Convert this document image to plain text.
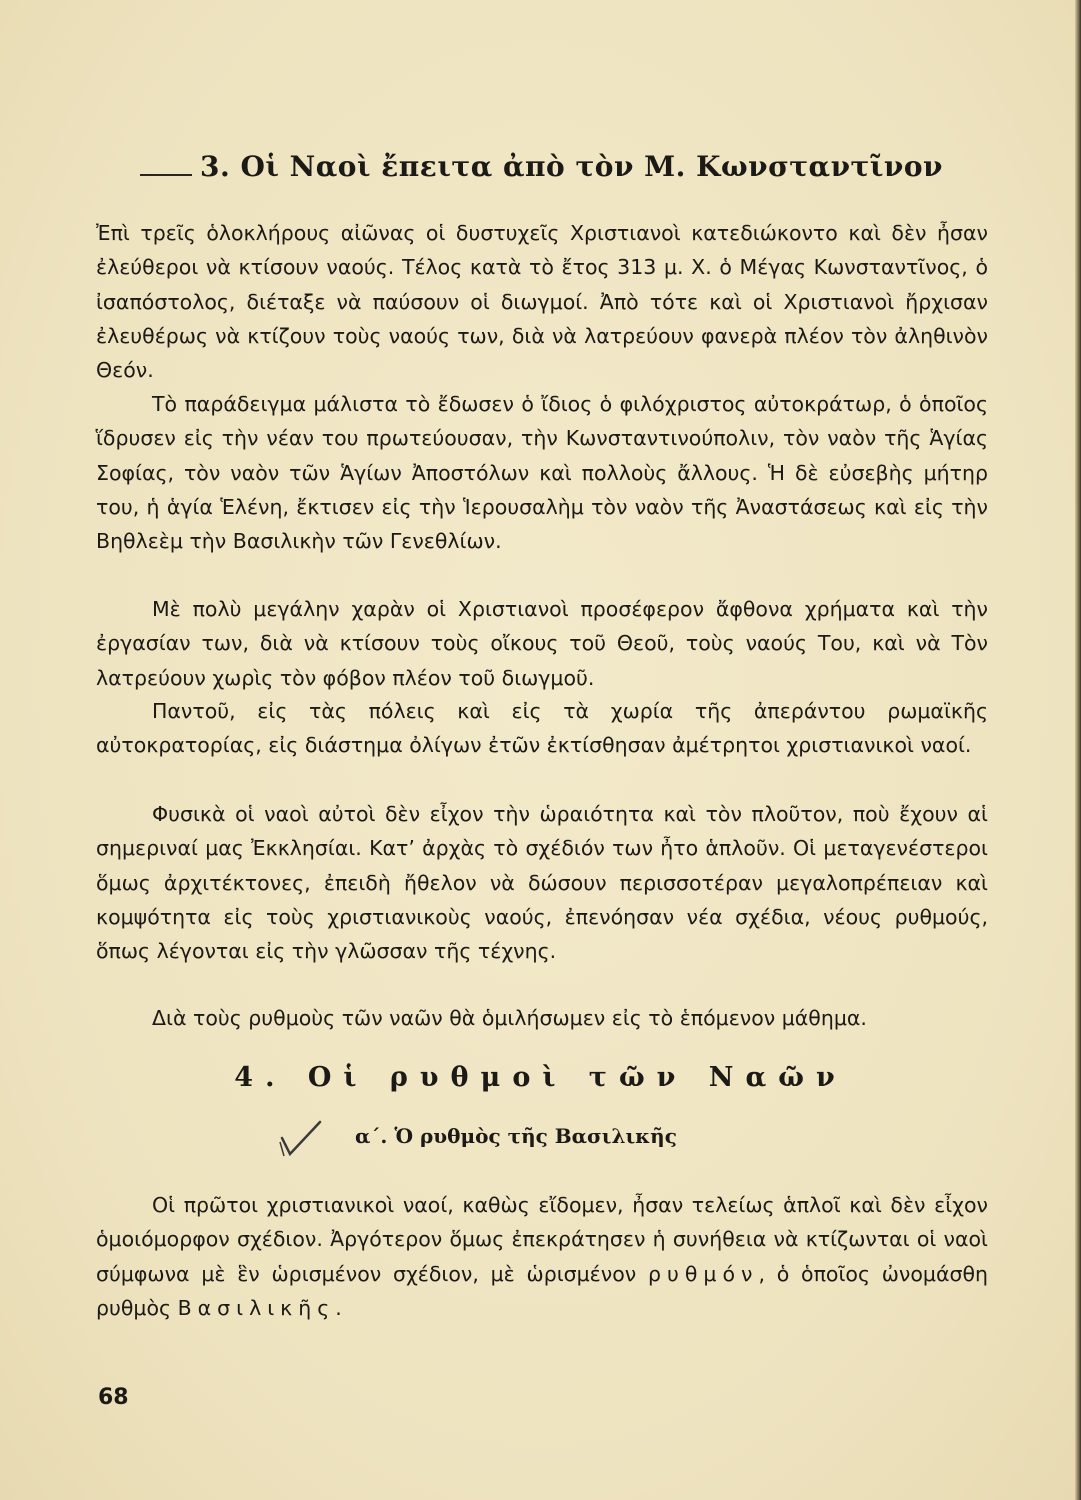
3. Οἱ Ναοὶ ἔπειτα ἀπὸ τὸν Μ. Κωνσταντῖνον

Ἐπὶ τρεῖς ὁλοκλήρους αἰῶνας οἱ δυστυχεῖς Χριστιανοὶ κατεδιώκοντο καὶ δὲν ἦσαν ἐλεύθεροι νὰ κτίσουν ναούς. Τέλος κατὰ τὸ ἔτος 313 μ. Χ. ὁ Μέγας Κωνσταντῖνος, ὁ ἰσαπόστολος, διέταξε νὰ παύσουν οἱ διωγμοί. Ἀπὸ τότε καὶ οἱ Χριστιανοὶ ἤρχισαν ἐλευθέρως νὰ κτίζουν τοὺς ναούς των, διὰ νὰ λατρεύουν φανερὰ πλέον τὸν ἀληθινὸν Θεόν.

Τὸ παράδειγμα μάλιστα τὸ ἔδωσεν ὁ ἴδιος ὁ φιλόχριστος αὐτοκράτωρ, ὁ ὁποῖος ἵδρυσεν εἰς τὴν νέαν του πρωτεύουσαν, τὴν Κωνσταντινούπολιν, τὸν ναὸν τῆς Ἁγίας Σοφίας, τὸν ναὸν τῶν Ἁγίων Ἀποστόλων καὶ πολλοὺς ἄλλους. Ἡ δὲ εὐσεβὴς μήτηρ του, ἡ ἁγία Ἑλένη, ἔκτισεν εἰς τὴν Ἱερουσαλὴμ τὸν ναὸν τῆς Ἀναστάσεως καὶ εἰς τὴν Βηθλεὲμ τὴν Βασιλικὴν τῶν Γενεθλίων.

Μὲ πολὺ μεγάλην χαρὰν οἱ Χριστιανοὶ προσέφερον ἄφθονα χρήματα καὶ τὴν ἐργασίαν των, διὰ νὰ κτίσουν τοὺς οἴκους τοῦ Θεοῦ, τοὺς ναούς Του, καὶ νὰ Τὸν λατρεύουν χωρὶς τὸν φόβον πλέον τοῦ διωγμοῦ.

Παντοῦ, εἰς τὰς πόλεις καὶ εἰς τὰ χωρία τῆς ἀπεράντου ρωμαϊκῆς αὐτοκρατορίας, εἰς διάστημα ὀλίγων ἐτῶν ἐκτίσθησαν ἀμέτρητοι χριστιανικοὶ ναοί.

Φυσικὰ οἱ ναοὶ αὐτοὶ δὲν εἶχον τὴν ὡραιότητα καὶ τὸν πλοῦτον, ποὺ ἔχουν αἱ σημεριναί μας Ἐκκλησίαι. Κατ’ ἀρχὰς τὸ σχέδιόν των ἦτο ἁπλοῦν. Οἱ μεταγενέστεροι ὅμως ἀρχιτέκτονες, ἐπειδὴ ἤθελον νὰ δώσουν περισσοτέραν μεγαλοπρέπειαν καὶ κομψότητα εἰς τοὺς χριστιανικοὺς ναούς, ἐπενόησαν νέα σχέδια, νέους ρυθμούς, ὅπως λέγονται εἰς τὴν γλῶσσαν τῆς τέχνης.

Διὰ τοὺς ρυθμοὺς τῶν ναῶν θὰ ὁμιλήσωμεν εἰς τὸ ἑπόμενον μάθημα.

4. Οἱ ρυθμοὶ τῶν Ναῶν
α΄. Ὁ ρυθμὸς τῆς Βασιλικῆς

Οἱ πρῶτοι χριστιανικοὶ ναοί, καθὼς εἴδομεν, ἦσαν τελείως ἁπλοῖ καὶ δὲν εἶχον ὁμοιόμορφον σχέδιον. Ἀργότερον ὅμως ἐπεκράτησεν ἡ συνήθεια νὰ κτίζωνται οἱ ναοὶ σύμφωνα μὲ ἓν ὡρισμένον σχέδιον, μὲ ὡρισμένον ρυθμόν, ὁ ὁποῖος ὠνομάσθη ρυθμὸς Βασιλικῆς.

68
